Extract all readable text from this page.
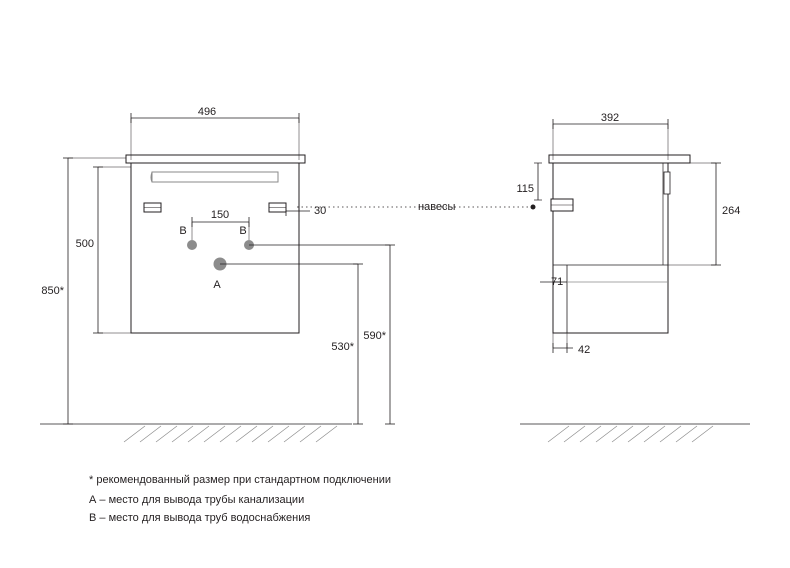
496
500
850*
150	30
530*
590*
В	В
А
навесы
392
115
264
71
42
* рекомендованный размер при стандартном подключении
А – место для вывода трубы канализации
В – место для вывода труб водоснабжения
